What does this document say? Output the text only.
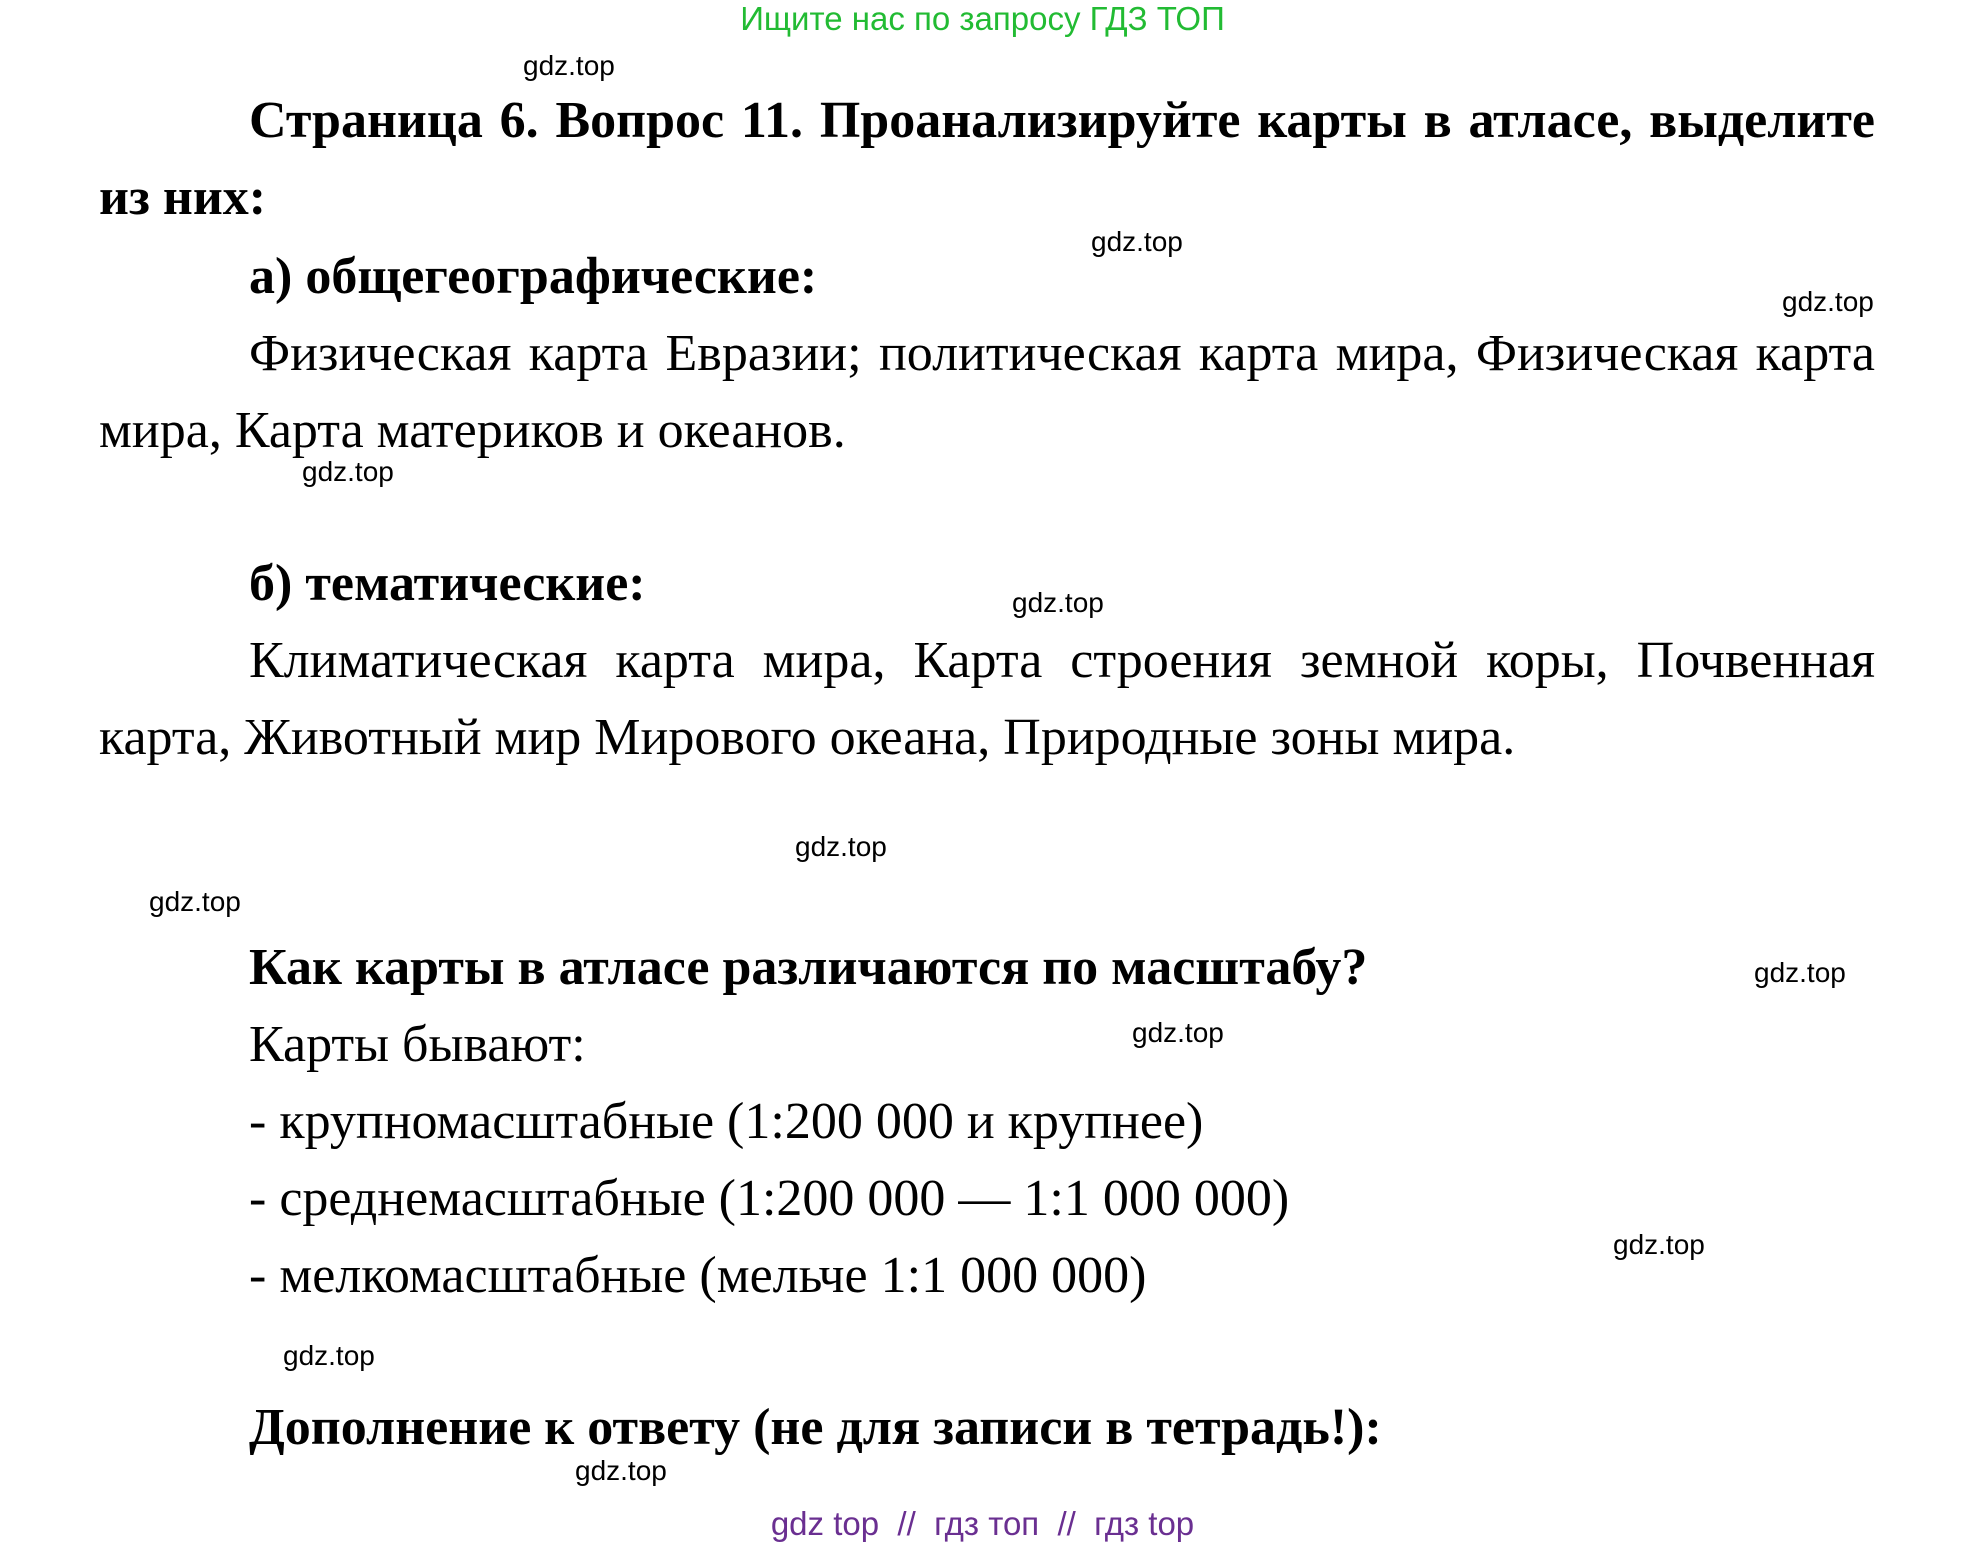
Ищите нас по запросу ГДЗ ТОП

Страница 6. Вопрос 11. Проанализируйте карты в атласе, выделите из них:

а) общегеографические:

Физическая карта Евразии; политическая карта мира, Физическая карта мира, Карта материков и океанов.

б) тематические:

Климатическая карта мира, Карта строения земной коры, Почвенная карта, Животный мир Мирового океана, Природные зоны мира.

Как карты в атласе различаются по масштабу?

Карты бывают:

- крупномасштабные (1:200 000 и крупнее)

- среднемасштабные (1:200 000 — 1:1 000 000)

- мелкомасштабные (мельче 1:1 000 000)

Дополнение к ответу (не для записи в тетрадь!):

gdz.top
gdz.top
gdz.top
gdz.top
gdz.top
gdz.top
gdz.top
gdz.top
gdz.top
gdz.top
gdz.top
gdz.top
gdz top  //  гдз топ  //  гдз top
